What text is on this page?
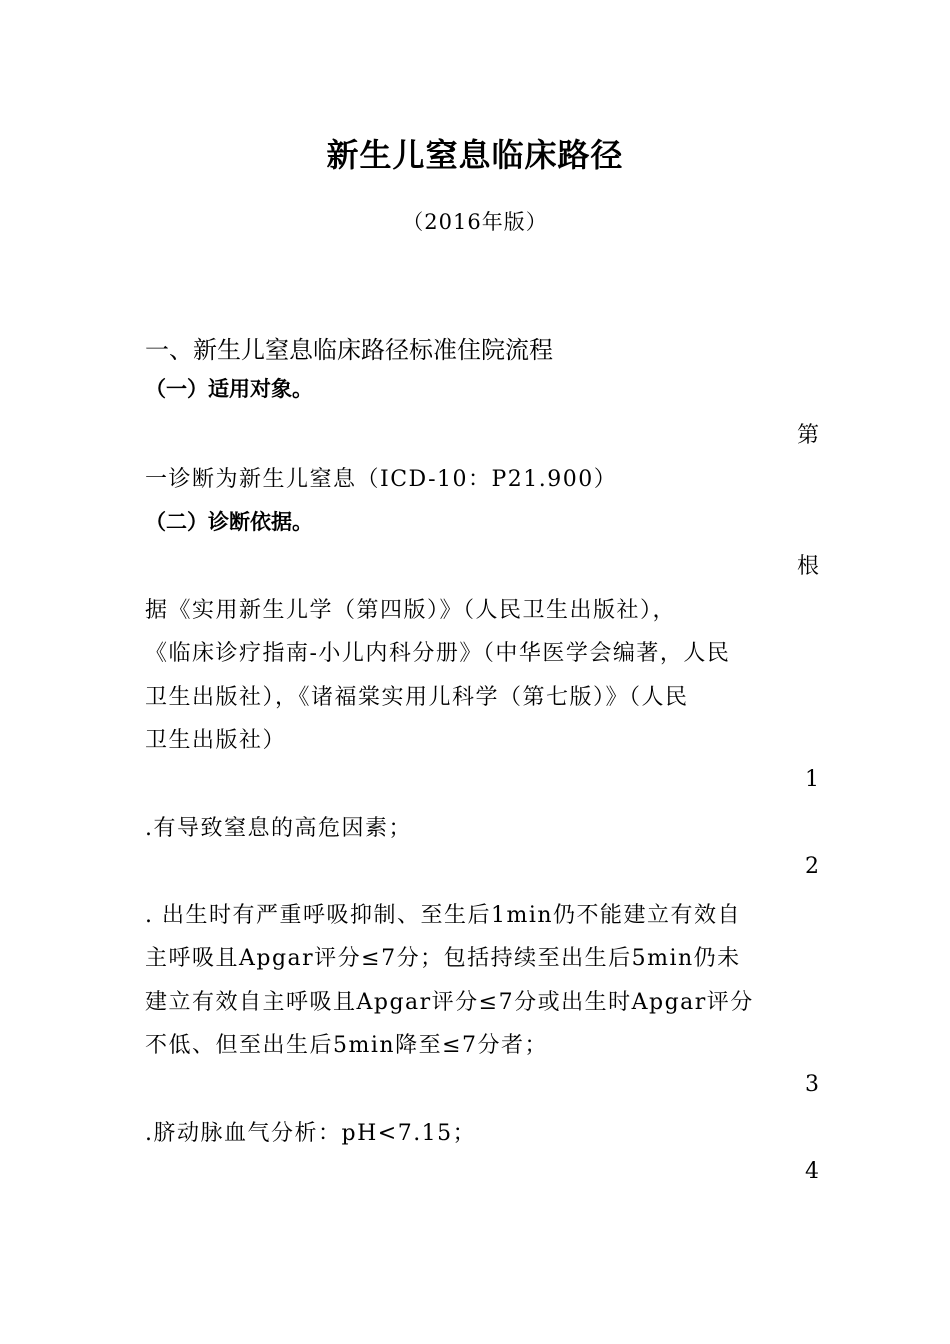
新生儿窒息临床路径
（2016年版）
一、新生儿窒息临床路径标准住院流程
（一）适用对象。
第
一诊断为新生儿窒息（ICD-10：P21.900）
（二）诊断依据。
根
据《实用新生儿学（第四版）》（人民卫生出版社），
《临床诊疗指南-小儿内科分册》（中华医学会编著，人民
卫生出版社），《诸福棠实用儿科学（第七版）》（人民
卫生出版社）
1
.有导致窒息的高危因素；
2
. 出生时有严重呼吸抑制、至生后1min仍不能建立有效自
主呼吸且Apgar评分≤7分；包括持续至出生后5min仍未
建立有效自主呼吸且Apgar评分≤7分或出生时Apgar评分
不低、但至出生后5min降至≤7分者；
3
.脐动脉血气分析：pH<7.15；
4
